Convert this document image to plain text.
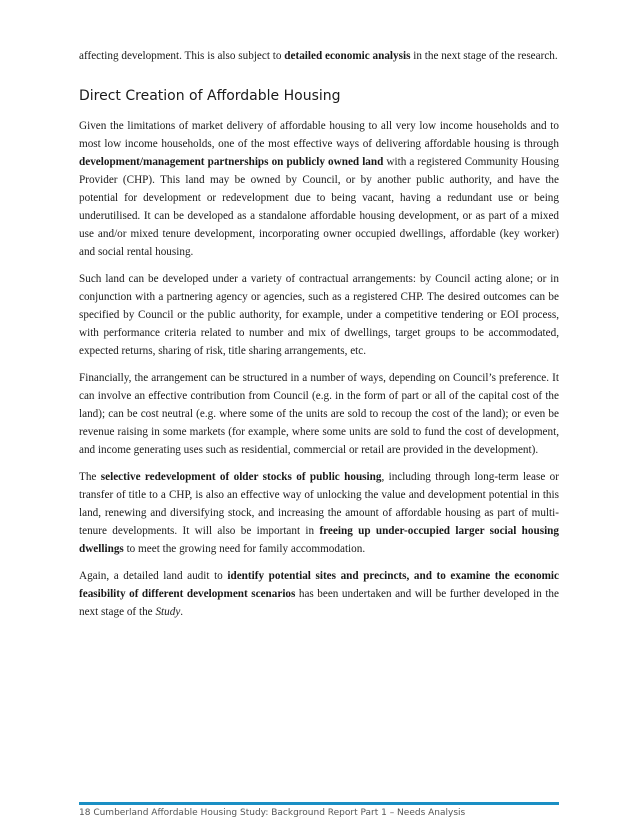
affecting development. This is also subject to detailed economic analysis in the next stage of the research.

Direct Creation of Affordable Housing

Given the limitations of market delivery of affordable housing to all very low income households and to most low income households, one of the most effective ways of delivering affordable housing is through development/management partnerships on publicly owned land with a registered Community Housing Provider (CHP). This land may be owned by Council, or by another public authority, and have the potential for development or redevelopment due to being vacant, having a redundant use or being underutilised. It can be developed as a standalone affordable housing development, or as part of a mixed use and/or mixed tenure development, incorporating owner occupied dwellings, affordable (key worker) and social rental housing.

Such land can be developed under a variety of contractual arrangements: by Council acting alone; or in conjunction with a partnering agency or agencies, such as a registered CHP. The desired outcomes can be specified by Council or the public authority, for example, under a competitive tendering or EOI process, with performance criteria related to number and mix of dwellings, target groups to be accommodated, expected returns, sharing of risk, title sharing arrangements, etc.

Financially, the arrangement can be structured in a number of ways, depending on Council’s preference. It can involve an effective contribution from Council (e.g. in the form of part or all of the capital cost of the land); can be cost neutral (e.g. where some of the units are sold to recoup the cost of the land); or even be revenue raising in some markets (for example, where some units are sold to fund the cost of development, and income generating uses such as residential, commercial or retail are provided in the development).

The selective redevelopment of older stocks of public housing, including through long-term lease or transfer of title to a CHP, is also an effective way of unlocking the value and development potential in this land, renewing and diversifying stock, and increasing the amount of affordable housing as part of multi-tenure developments. It will also be important in freeing up under-occupied larger social housing dwellings to meet the growing need for family accommodation.

Again, a detailed land audit to identify potential sites and precincts, and to examine the economic feasibility of different development scenarios has been undertaken and will be further developed in the next stage of the Study.

18 Cumberland Affordable Housing Study: Background Report Part 1 – Needs Analysis
